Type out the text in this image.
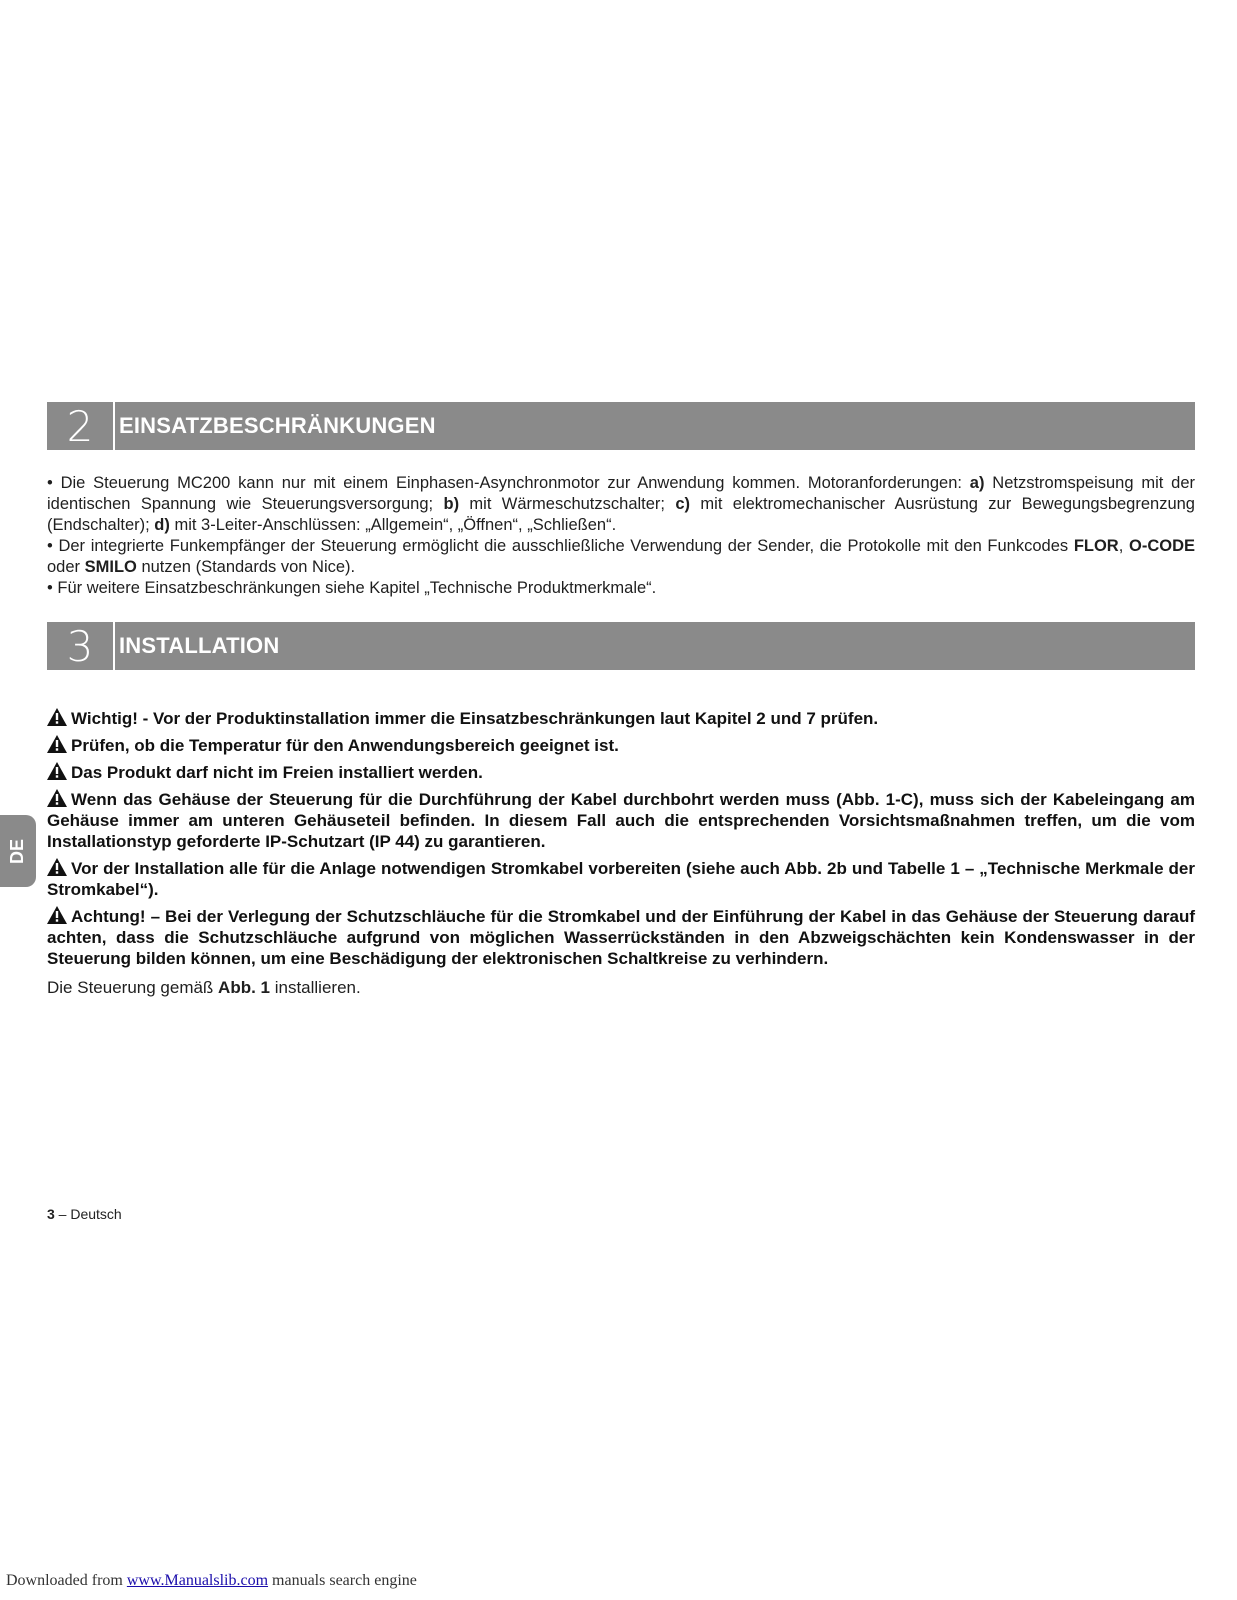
2	EINSATZBESCHRÄNKUNGEN

• Die Steuerung MC200 kann nur mit einem Einphasen-Asynchronmotor zur Anwendung kommen. Motoranforderungen: a) Netzstromspeisung mit der identischen Spannung wie Steuerungsversorgung; b) mit Wärmeschutzschalter; c) mit elektromechanischer Ausrüstung zur Bewegungsbegrenzung (Endschalter); d) mit 3-Leiter-Anschlüssen: „Allgemein“, „Öffnen“, „Schließen“.

• Der integrierte Funkempfänger der Steuerung ermöglicht die ausschließliche Verwendung der Sender, die Protokolle mit den Funkcodes FLOR, O-CODE oder SMILO nutzen (Standards von Nice).

• Für weitere Einsatzbeschränkungen siehe Kapitel „Technische Produktmerkmale“.

3	INSTALLATION

Wichtig! - Vor der Produktinstallation immer die Einsatzbeschränkungen laut Kapitel 2 und 7 prüfen.

Prüfen, ob die Temperatur für den Anwendungsbereich geeignet ist.

Das Produkt darf nicht im Freien installiert werden.

Wenn das Gehäuse der Steuerung für die Durchführung der Kabel durchbohrt werden muss (Abb. 1-C), muss sich der Kabeleingang am Gehäuse immer am unteren Gehäuseteil befinden. In diesem Fall auch die entsprechenden Vorsichtsmaßnahmen treffen, um die vom Installationstyp geforderte IP-Schutzart (IP 44) zu garantieren.

Vor der Installation alle für die Anlage notwendigen Stromkabel vorbereiten (siehe auch Abb. 2b und Tabelle 1 – „Technische Merkmale der Stromkabel“).

Achtung! – Bei der Verlegung der Schutzschläuche für die Stromkabel und der Einführung der Kabel in das Gehäuse der Steuerung darauf achten, dass die Schutzschläuche aufgrund von möglichen Wasserrückständen in den Abzweigschächten kein Kondenswasser in der Steuerung bilden können, um eine Beschädigung der elektronischen Schaltkreise zu verhindern.

Die Steuerung gemäß Abb. 1 installieren.
3 – Deutsch
DE
Downloaded from www.Manualslib.com manuals search engine
